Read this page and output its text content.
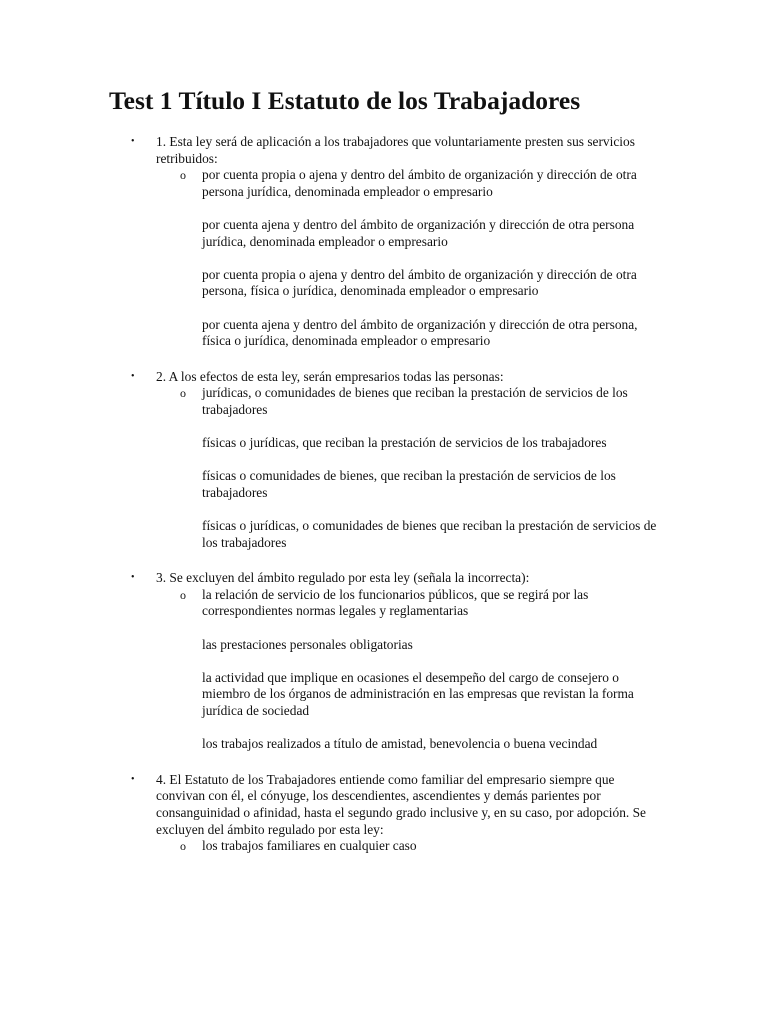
Test 1 Título I Estatuto de los Trabajadores
• 1. Esta ley será de aplicación a los trabajadores que voluntariamente presten sus servicios retribuidos:
o por cuenta propia o ajena y dentro del ámbito de organización y dirección de otra persona jurídica, denominada empleador o empresario
por cuenta ajena y dentro del ámbito de organización y dirección de otra persona jurídica, denominada empleador o empresario
por cuenta propia o ajena y dentro del ámbito de organización y dirección de otra persona, física o jurídica, denominada empleador o empresario
por cuenta ajena y dentro del ámbito de organización y dirección de otra persona, física o jurídica, denominada empleador o empresario
• 2. A los efectos de esta ley, serán empresarios todas las personas:
o jurídicas, o comunidades de bienes que reciban la prestación de servicios de los trabajadores
físicas o jurídicas, que reciban la prestación de servicios de los trabajadores
físicas o comunidades de bienes, que reciban la prestación de servicios de los trabajadores
físicas o jurídicas, o comunidades de bienes que reciban la prestación de servicios de los trabajadores
• 3. Se excluyen del ámbito regulado por esta ley (señala la incorrecta):
o la relación de servicio de los funcionarios públicos, que se regirá por las correspondientes normas legales y reglamentarias
las prestaciones personales obligatorias
la actividad que implique en ocasiones el desempeño del cargo de consejero o miembro de los órganos de administración en las empresas que revistan la forma jurídica de sociedad
los trabajos realizados a título de amistad, benevolencia o buena vecindad
• 4. El Estatuto de los Trabajadores entiende como familiar del empresario siempre que convivan con él, el cónyuge, los descendientes, ascendientes y demás parientes por consanguinidad o afinidad, hasta el segundo grado inclusive y, en su caso, por adopción. Se excluyen del ámbito regulado por esta ley:
o los trabajos familiares en cualquier caso
